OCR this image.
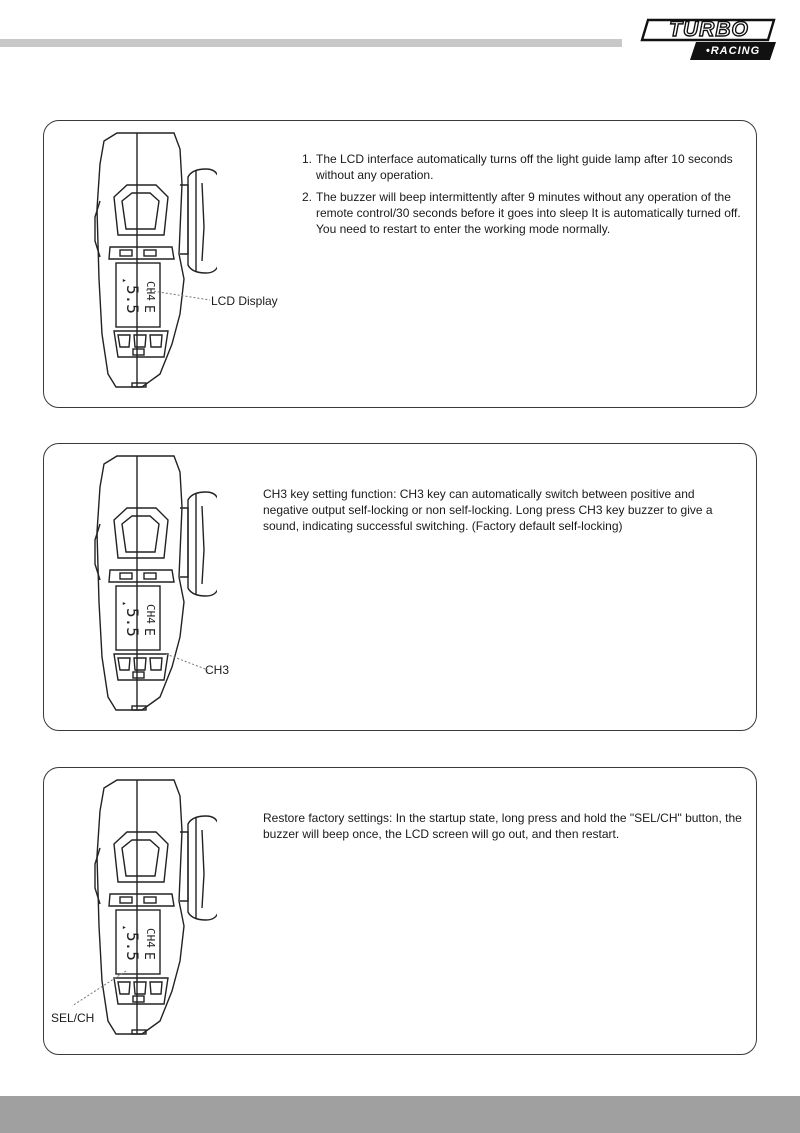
TURBO
• RACING
5.5 E
CH4
▲
LCD Display
1. The LCD interface automatically turns off the light guide lamp after 10 seconds without any operation.
2. The buzzer will beep intermittently after 9 minutes without any operation of the remote control/30 seconds before it goes into sleep It is automatically turned off. You need to restart to enter the working mode normally.
5.5 E
CH4
▲
CH3
CH3 key setting function: CH3 key can automatically switch between positive and negative output self-locking or non self-locking. Long press CH3 key buzzer to give a sound, indicating successful switching. (Factory default self-locking)
5.5 E
CH4
▲
SEL/CH
Restore factory settings: In the startup state, long press and hold the "SEL/CH" button, the buzzer will beep once, the LCD screen will go out, and then restart.
